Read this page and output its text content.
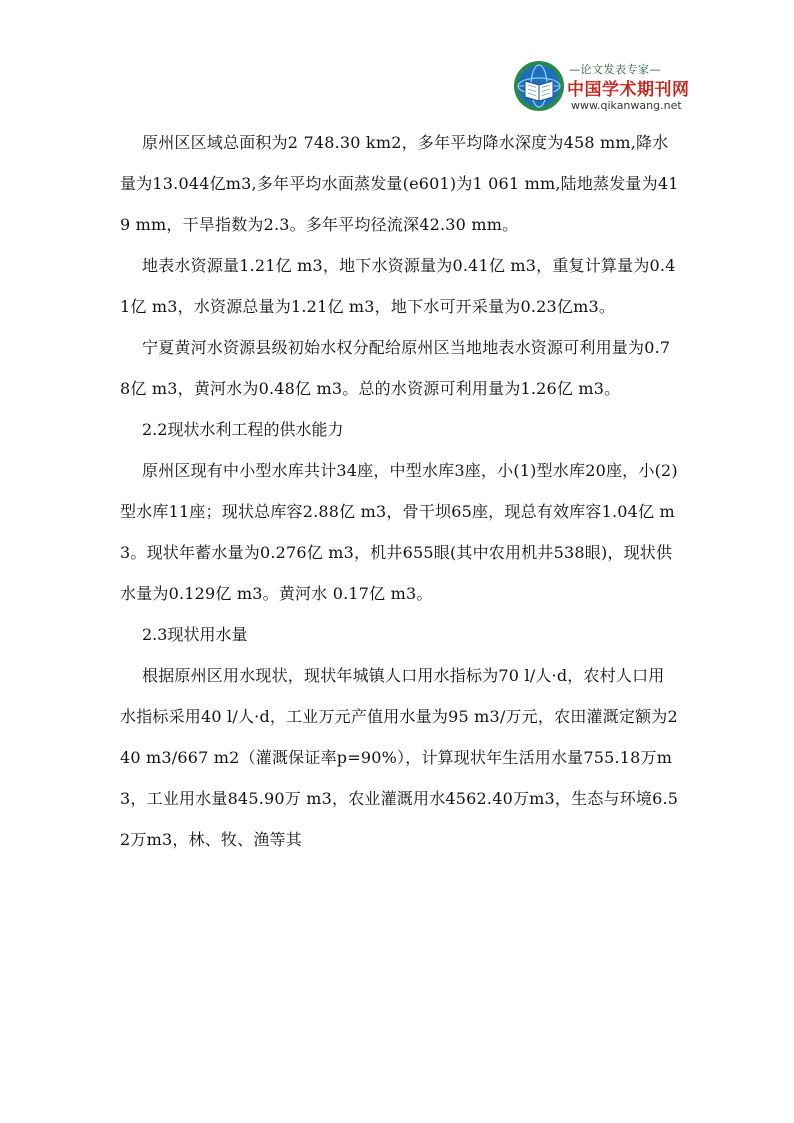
—论文发表专家—
中国学术期刊网
www.qikanwang.net

原州区区域总面积为2 748.30 km2，多年平均降水深度为458 mm,降水量为13.044亿m3,多年平均水面蒸发量(e601)为1 061 mm,陆地蒸发量为419 mm，干旱指数为2.3。多年平均径流深42.30 mm。

地表水资源量1.21亿 m3，地下水资源量为0.41亿 m3，重复计算量为0.41亿 m3，水资源总量为1.21亿 m3，地下水可开采量为0.23亿m3。

宁夏黄河水资源县级初始水权分配给原州区当地地表水资源可利用量为0.78亿 m3，黄河水为0.48亿 m3。总的水资源可利用量为1.26亿 m3。

2.2现状水利工程的供水能力

原州区现有中小型水库共计34座，中型水库3座，小(1)型水库20座，小(2)型水库11座；现状总库容2.88亿 m3，骨干坝65座，现总有效库容1.04亿 m3。现状年蓄水量为0.276亿 m3，机井655眼(其中农用机井538眼)，现状供水量为0.129亿 m3。黄河水 0.17亿 m3。

2.3现状用水量

根据原州区用水现状，现状年城镇人口用水指标为70 l/人·d，农村人口用水指标采用40 l/人·d，工业万元产值用水量为95 m3/万元，农田灌溉定额为240 m3/667 m2（灌溉保证率p=90%），计算现状年生活用水量755.18万m3，工业用水量845.90万 m3，农业灌溉用水4562.40万m3，生态与环境6.52万m3，林、牧、渔等其
